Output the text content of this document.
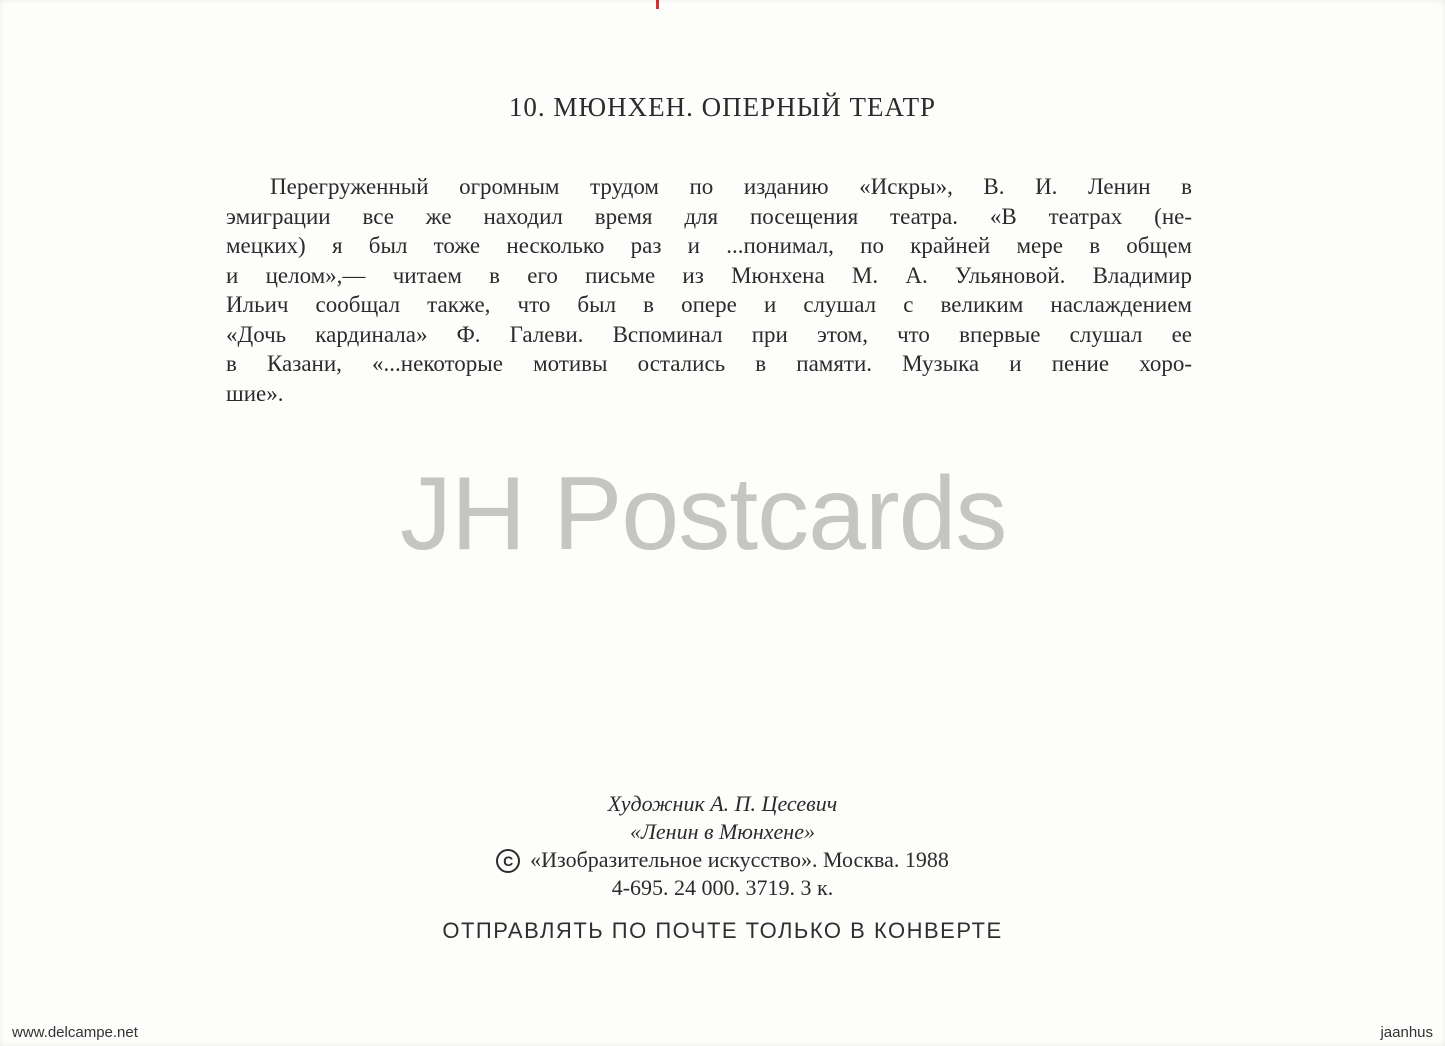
10. МЮНХЕН. ОПЕРНЫЙ ТЕАТР
Перегруженный огромным трудом по изданию «Искры», В. И. Ленин в
эмиграции все же находил время для посещения театра. «В театрах (не-
мецких) я был тоже несколько раз и ...понимал, по крайней мере в общем
и целом»,— читаем в его письме из Мюнхена М. А. Ульяновой. Владимир
Ильич сообщал также, что был в опере и слушал с великим наслаждением
«Дочь кардинала» Ф. Галеви. Вспоминал при этом, что впервые слушал ее
в Казани, «...некоторые мотивы остались в памяти. Музыка и пение хоро-
шие».
JH Postcards
Художник А. П. Цесевич
«Ленин в Мюнхене»
С «Изобразительное искусство». Москва. 1988
4-695. 24 000. 3719. 3 к.
ОТПРАВЛЯТЬ ПО ПОЧТЕ ТОЛЬКО В КОНВЕРТЕ
www.delcampe.net	jaanhus
